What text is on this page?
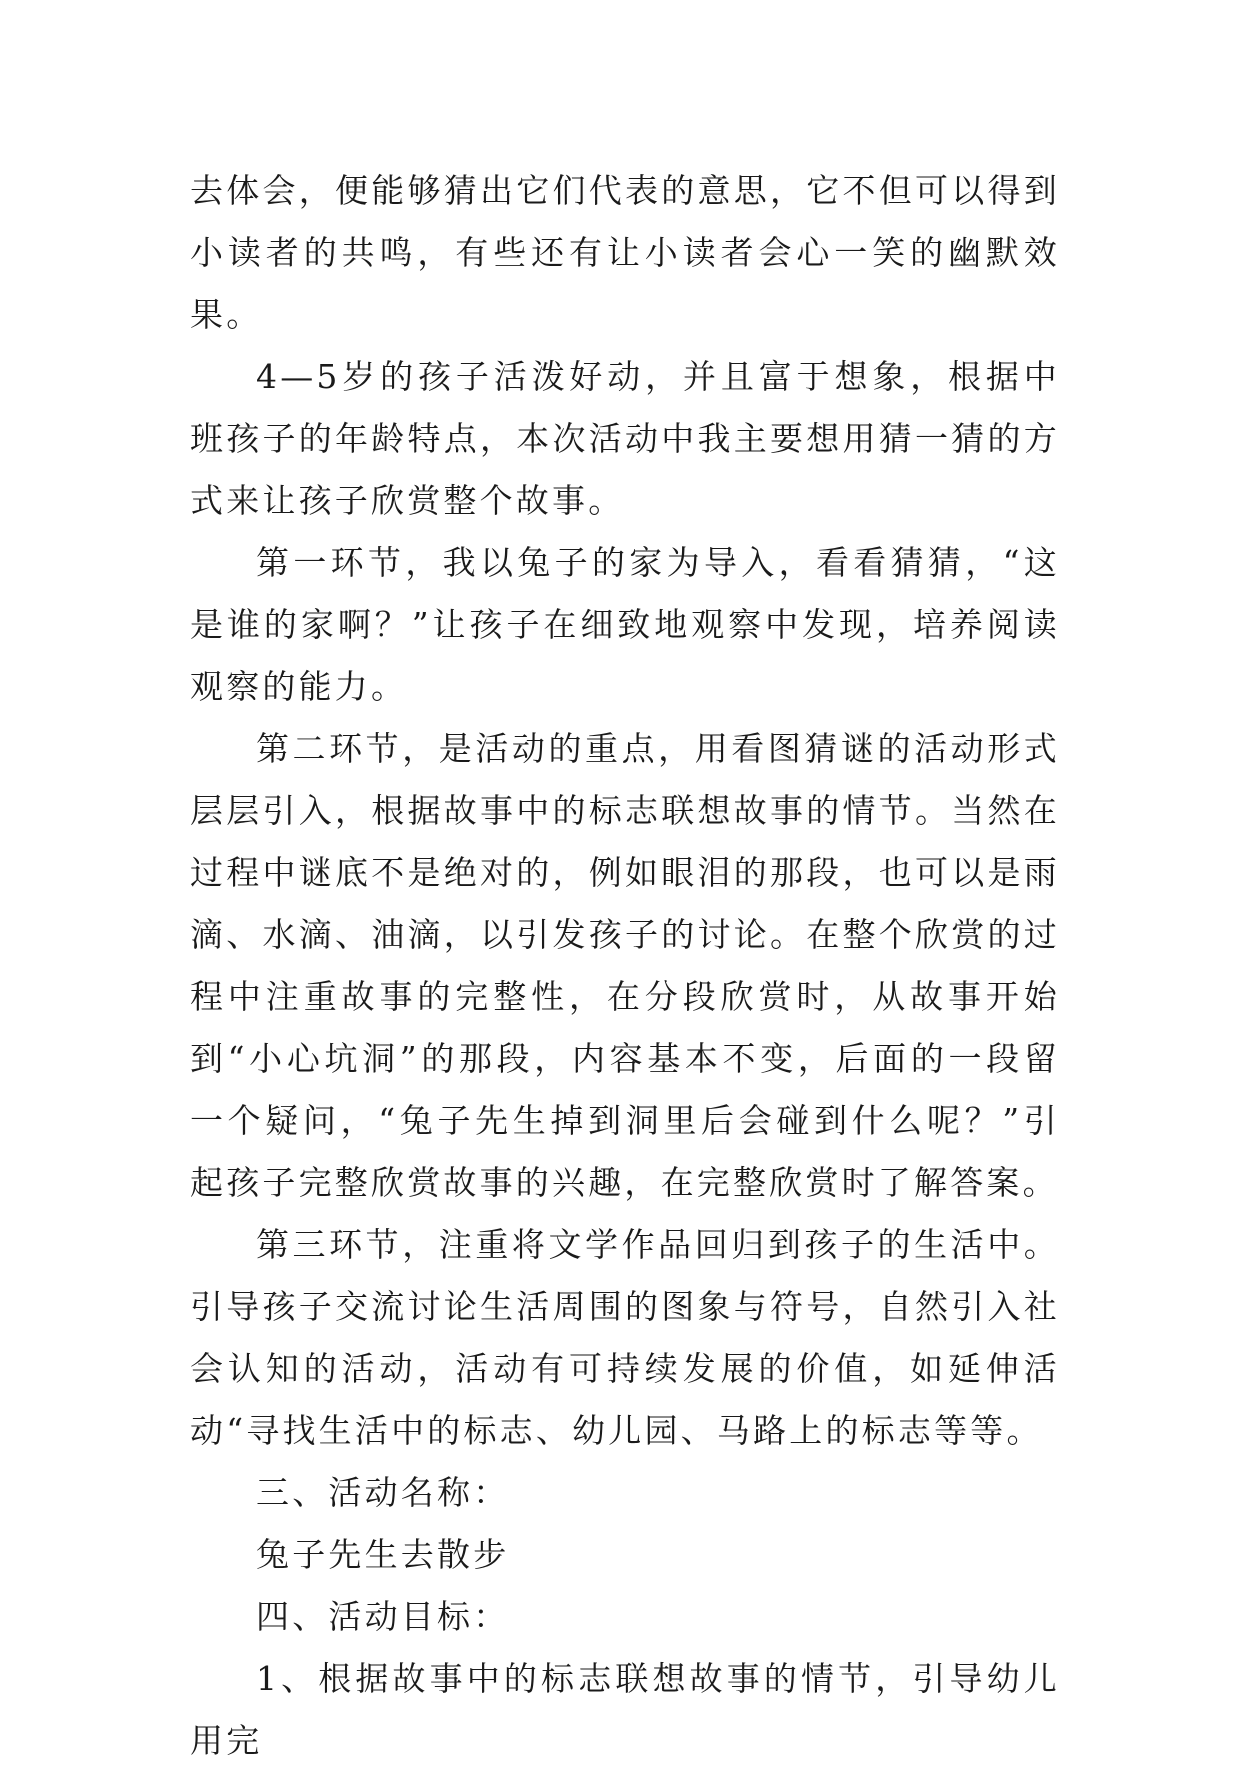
去体会，便能够猜出它们代表的意思，它不但可以得到小读者的共鸣，有些还有让小读者会心一笑的幽默效果。

4—5岁的孩子活泼好动，并且富于想象，根据中班孩子的年龄特点，本次活动中我主要想用猜一猜的方式来让孩子欣赏整个故事。

第一环节，我以兔子的家为导入，看看猜猜，“这是谁的家啊？”让孩子在细致地观察中发现，培养阅读观察的能力。

第二环节，是活动的重点，用看图猜谜的活动形式层层引入，根据故事中的标志联想故事的情节。当然在过程中谜底不是绝对的，例如眼泪的那段，也可以是雨滴、水滴、油滴，以引发孩子的讨论。在整个欣赏的过程中注重故事的完整性，在分段欣赏时，从故事开始到“小心坑洞”的那段，内容基本不变，后面的一段留一个疑问，“兔子先生掉到洞里后会碰到什么呢？”引起孩子完整欣赏故事的兴趣，在完整欣赏时了解答案。

第三环节，注重将文学作品回归到孩子的生活中。引导孩子交流讨论生活周围的图象与符号，自然引入社会认知的活动，活动有可持续发展的价值，如延伸活动“寻找生活中的标志、幼儿园、马路上的标志等等。

三、活动名称：

兔子先生去散步

四、活动目标：

1、根据故事中的标志联想故事的情节，引导幼儿用完
